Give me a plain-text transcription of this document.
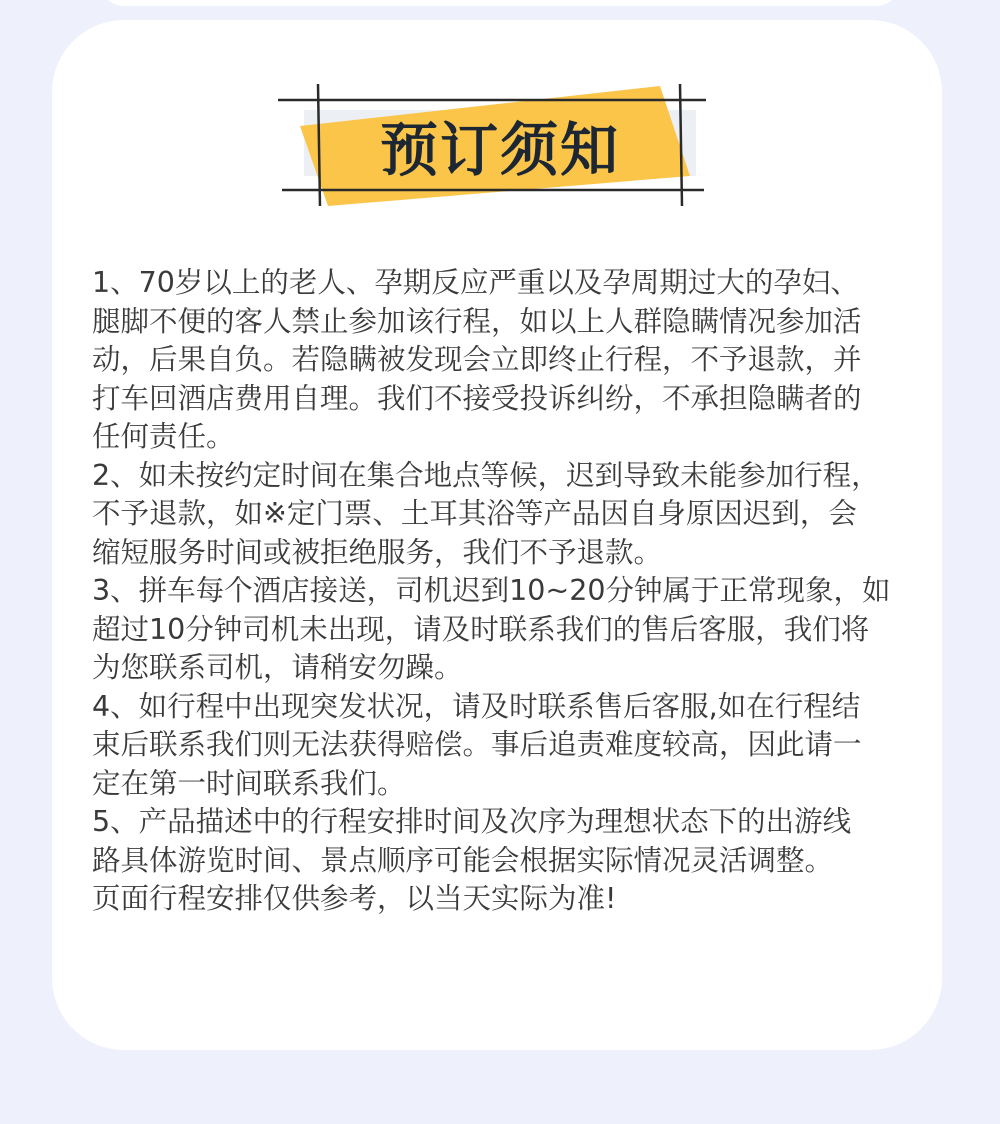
预订须知
1、70岁以上的老人、孕期反应严重以及孕周期过大的孕妇、
腿脚不便的客人禁止参加该行程，如以上人群隐瞒情况参加活
动，后果自负。若隐瞒被发现会立即终止行程，不予退款，并
打车回酒店费用自理。我们不接受投诉纠纷，不承担隐瞒者的
任何责任。
2、如未按约定时间在集合地点等候，迟到导致未能参加行程，
不予退款，如※定门票、土耳其浴等产品因自身原因迟到，会
缩短服务时间或被拒绝服务，我们不予退款。
3、拼车每个酒店接送，司机迟到10~20分钟属于正常现象，如
超过10分钟司机未出现，请及时联系我们的售后客服，我们将
为您联系司机，请稍安勿躁。
4、如行程中出现突发状况，请及时联系售后客服,如在行程结
束后联系我们则无法获得赔偿。事后追责难度较高，因此请一
定在第一时间联系我们。
5、产品描述中的行程安排时间及次序为理想状态下的出游线
路具体游览时间、景点顺序可能会根据实际情况灵活调整。
页面行程安排仅供参考，以当天实际为准!
